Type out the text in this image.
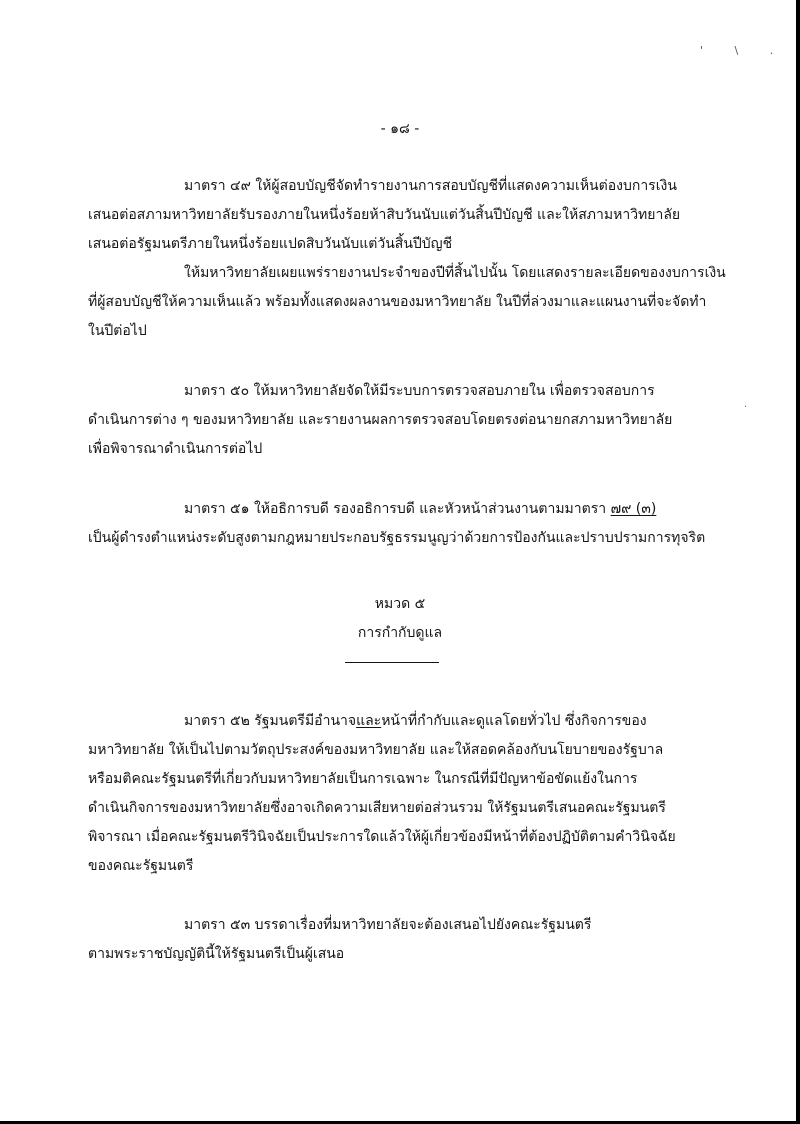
' \ .
·
- ๑๘ -
มาตรา ๔๙ ให้ผู้สอบบัญชีจัดทำรายงานการสอบบัญชีที่แสดงความเห็นต่องบการเงิน
เสนอต่อสภามหาวิทยาลัยรับรองภายในหนึ่งร้อยห้าสิบวันนับแต่วันสิ้นปีบัญชี และให้สภามหาวิทยาลัย
เสนอต่อรัฐมนตรีภายในหนึ่งร้อยแปดสิบวันนับแต่วันสิ้นปีบัญชี
ให้มหาวิทยาลัยเผยแพร่รายงานประจำของปีที่สิ้นไปนั้น โดยแสดงรายละเอียดของงบการเงิน
ที่ผู้สอบบัญชีให้ความเห็นแล้ว พร้อมทั้งแสดงผลงานของมหาวิทยาลัย ในปีที่ล่วงมาและแผนงานที่จะจัดทำ
ในปีต่อไป
มาตรา ๕๐ ให้มหาวิทยาลัยจัดให้มีระบบการตรวจสอบภายใน เพื่อตรวจสอบการ
ดำเนินการต่าง ๆ ของมหาวิทยาลัย และรายงานผลการตรวจสอบโดยตรงต่อนายกสภามหาวิทยาลัย
เพื่อพิจารณาดำเนินการต่อไป
มาตรา ๕๑ ให้อธิการบดี รองอธิการบดี และหัวหน้าส่วนงานตามมาตรา ๗๙ (๓)
เป็นผู้ดำรงตำแหน่งระดับสูงตามกฎหมายประกอบรัฐธรรมนูญว่าด้วยการป้องกันและปราบปรามการทุจริต
หมวด ๕
การกำกับดูแล
มาตรา ๕๒ รัฐมนตรีมีอำนาจและหน้าที่กำกับและดูแลโดยทั่วไป ซึ่งกิจการของ
มหาวิทยาลัย ให้เป็นไปตามวัตถุประสงค์ของมหาวิทยาลัย และให้สอดคล้องกับนโยบายของรัฐบาล
หรือมติคณะรัฐมนตรีที่เกี่ยวกับมหาวิทยาลัยเป็นการเฉพาะ ในกรณีที่มีปัญหาข้อขัดแย้งในการ
ดำเนินกิจการของมหาวิทยาลัยซึ่งอาจเกิดความเสียหายต่อส่วนรวม ให้รัฐมนตรีเสนอคณะรัฐมนตรี
พิจารณา เมื่อคณะรัฐมนตรีวินิจฉัยเป็นประการใดแล้วให้ผู้เกี่ยวข้องมีหน้าที่ต้องปฏิบัติตามคำวินิจฉัย
ของคณะรัฐมนตรี
มาตรา ๕๓ บรรดาเรื่องที่มหาวิทยาลัยจะต้องเสนอไปยังคณะรัฐมนตรี
ตามพระราชบัญญัตินี้ให้รัฐมนตรีเป็นผู้เสนอ
